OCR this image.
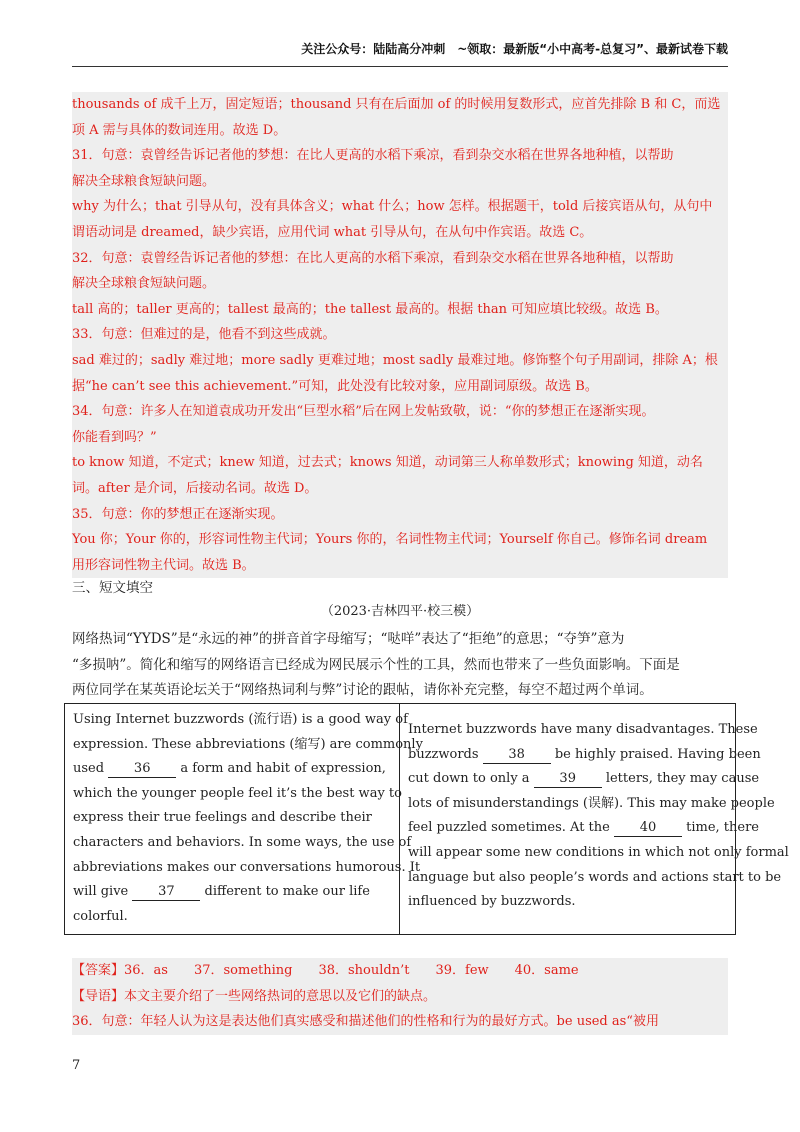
关注公众号：陆陆高分冲刺　~领取：最新版“小中高考-总复习”、最新试卷下载

thousands of 成千上万，固定短语；thousand 只有在后面加 of 的时候用复数形式，应首先排除 B 和 C，而选

项 A 需与具体的数词连用。故选 D。

31．句意：袁曾经告诉记者他的梦想：在比人更高的水稻下乘凉，看到杂交水稻在世界各地种植，以帮助

解决全球粮食短缺问题。

why 为什么；that 引导从句，没有具体含义；what 什么；how 怎样。根据题干，told 后接宾语从句，从句中

谓语动词是 dreamed，缺少宾语，应用代词 what 引导从句，在从句中作宾语。故选 C。

32．句意：袁曾经告诉记者他的梦想：在比人更高的水稻下乘凉，看到杂交水稻在世界各地种植，以帮助

解决全球粮食短缺问题。

tall 高的；taller 更高的；tallest 最高的；the tallest 最高的。根据 than 可知应填比较级。故选 B。

33．句意：但难过的是，他看不到这些成就。

sad 难过的；sadly 难过地；more sadly 更难过地；most sadly 最难过地。修饰整个句子用副词，排除 A；根

据“he can’t see this achievement.”可知，此处没有比较对象，应用副词原级。故选 B。

34．句意：许多人在知道袁成功开发出“巨型水稻”后在网上发帖致敬，说：“你的梦想正在逐渐实现。

你能看到吗？”

to know 知道，不定式；knew 知道，过去式；knows 知道，动词第三人称单数形式；knowing 知道，动名

词。after 是介词，后接动名词。故选 D。

35．句意：你的梦想正在逐渐实现。

You 你；Your 你的，形容词性物主代词；Yours 你的，名词性物主代词；Yourself 你自己。修饰名词 dream

用形容词性物主代词。故选 B。

三、短文填空
（2023·吉林四平·校三模）

网络热词“YYDS”是“永远的神”的拼音首字母缩写；“哒咩”表达了“拒绝”的意思；“夺笋”意为

“多损呐”。简化和缩写的网络语言已经成为网民展示个性的工具，然而也带来了一些负面影响。下面是

两位同学在某英语论坛关于“网络热词利与弊”讨论的跟帖，请你补充完整，每空不超过两个单词。

Using Internet buzzwords (流行语) is a good way of

expression. These abbreviations (缩写) are commonly

used 36 a form and habit of expression,

which the younger people feel it’s the best way to

express their true feelings and describe their

characters and behaviors. In some ways, the use of

abbreviations makes our conversations humorous. It

will give 37 different to make our life

colorful.

Internet buzzwords have many disadvantages. These

buzzwords 38 be highly praised. Having been

cut down to only a 39 letters, they may cause

lots of misunderstandings (误解). This may make people

feel puzzled sometimes. At the 40 time, there

will appear some new conditions in which not only formal

language but also people’s words and actions start to be

influenced by buzzwords.

【答案】36．as　　37．something　　38．shouldn’t　　39．few　　40．same

【导语】本文主要介绍了一些网络热词的意思以及它们的缺点。

36．句意：年轻人认为这是表达他们真实感受和描述他们的性格和行为的最好方式。be used as“被用

7
